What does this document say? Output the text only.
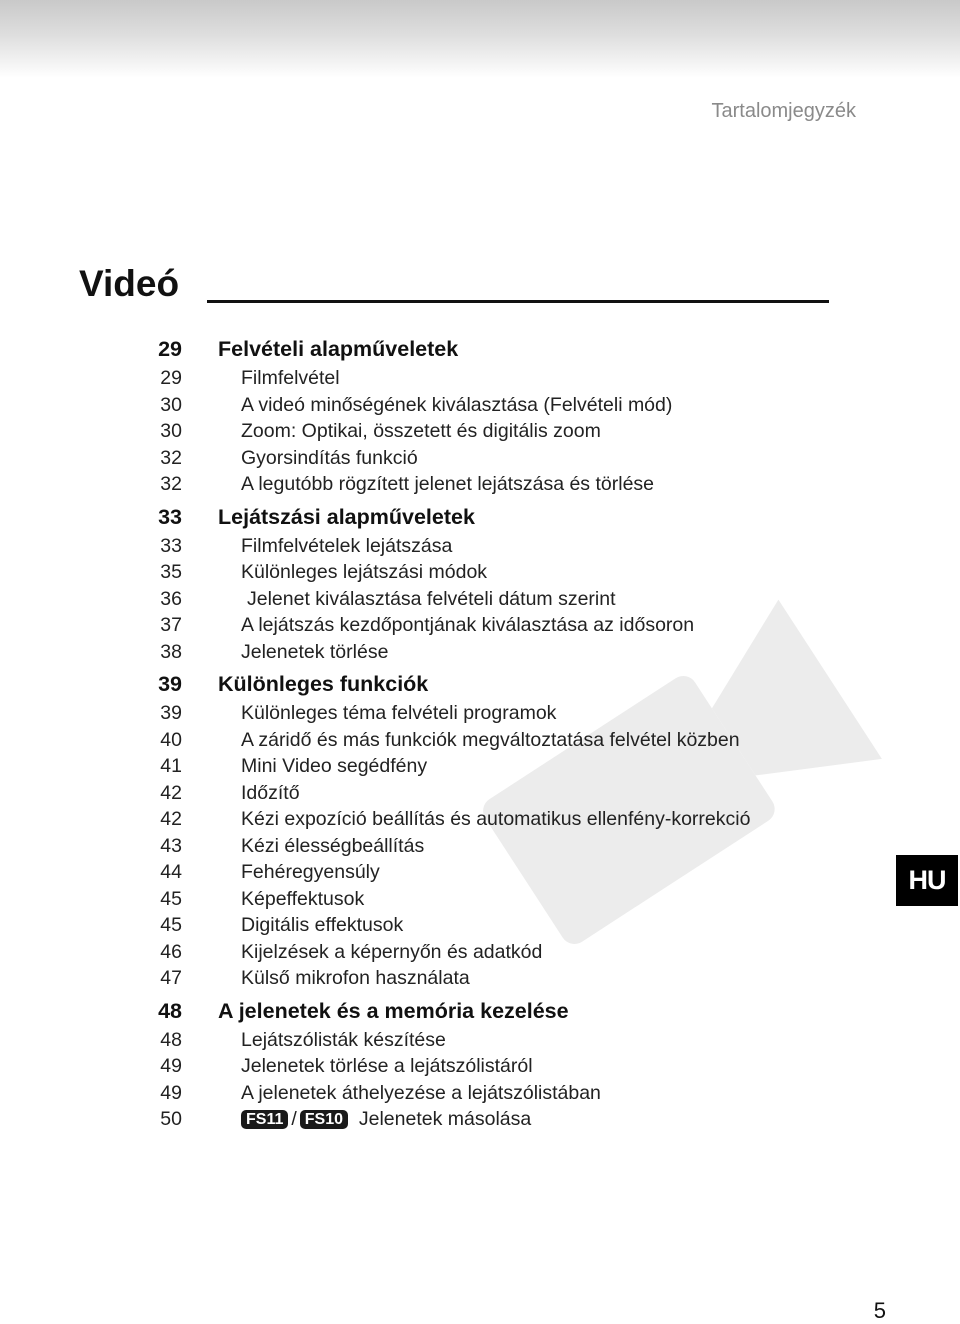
Tartalomjegyzék
Videó
29 Felvételi alapműveletek
29	Filmfelvétel
30	A videó minőségének kiválasztása (Felvételi mód)
30	Zoom: Optikai, összetett és digitális zoom
32	Gyorsindítás funkció
32	A legutóbb rögzített jelenet lejátszása és törlése
33 Lejátszási alapműveletek
33	Filmfelvételek lejátszása
35	Különleges lejátszási módok
36	Jelenet kiválasztása felvételi dátum szerint
37	A lejátszás kezdőpontjának kiválasztása az idősoron
38	Jelenetek törlése
39 Különleges funkciók
39	Különleges téma felvételi programok
40	A záridő és más funkciók megváltoztatása felvétel közben
41	Mini Video segédfény
42	Időzítő
42	Kézi expozíció beállítás és automatikus ellenfény-korrekció
43	Kézi élességbeállítás
44	Fehéregyensúly
45	Képeffektusok
45	Digitális effektusok
46	Kijelzések a képernyőn és adatkód
47	Külső mikrofon használata
48 A jelenetek és a memória kezelése
48	Lejátszólisták készítése
49	Jelenetek törlése a lejátszólistáról
49	A jelenetek áthelyezése a lejátszólistában
50	FS11 / FS10 Jelenetek másolása
HU
5
